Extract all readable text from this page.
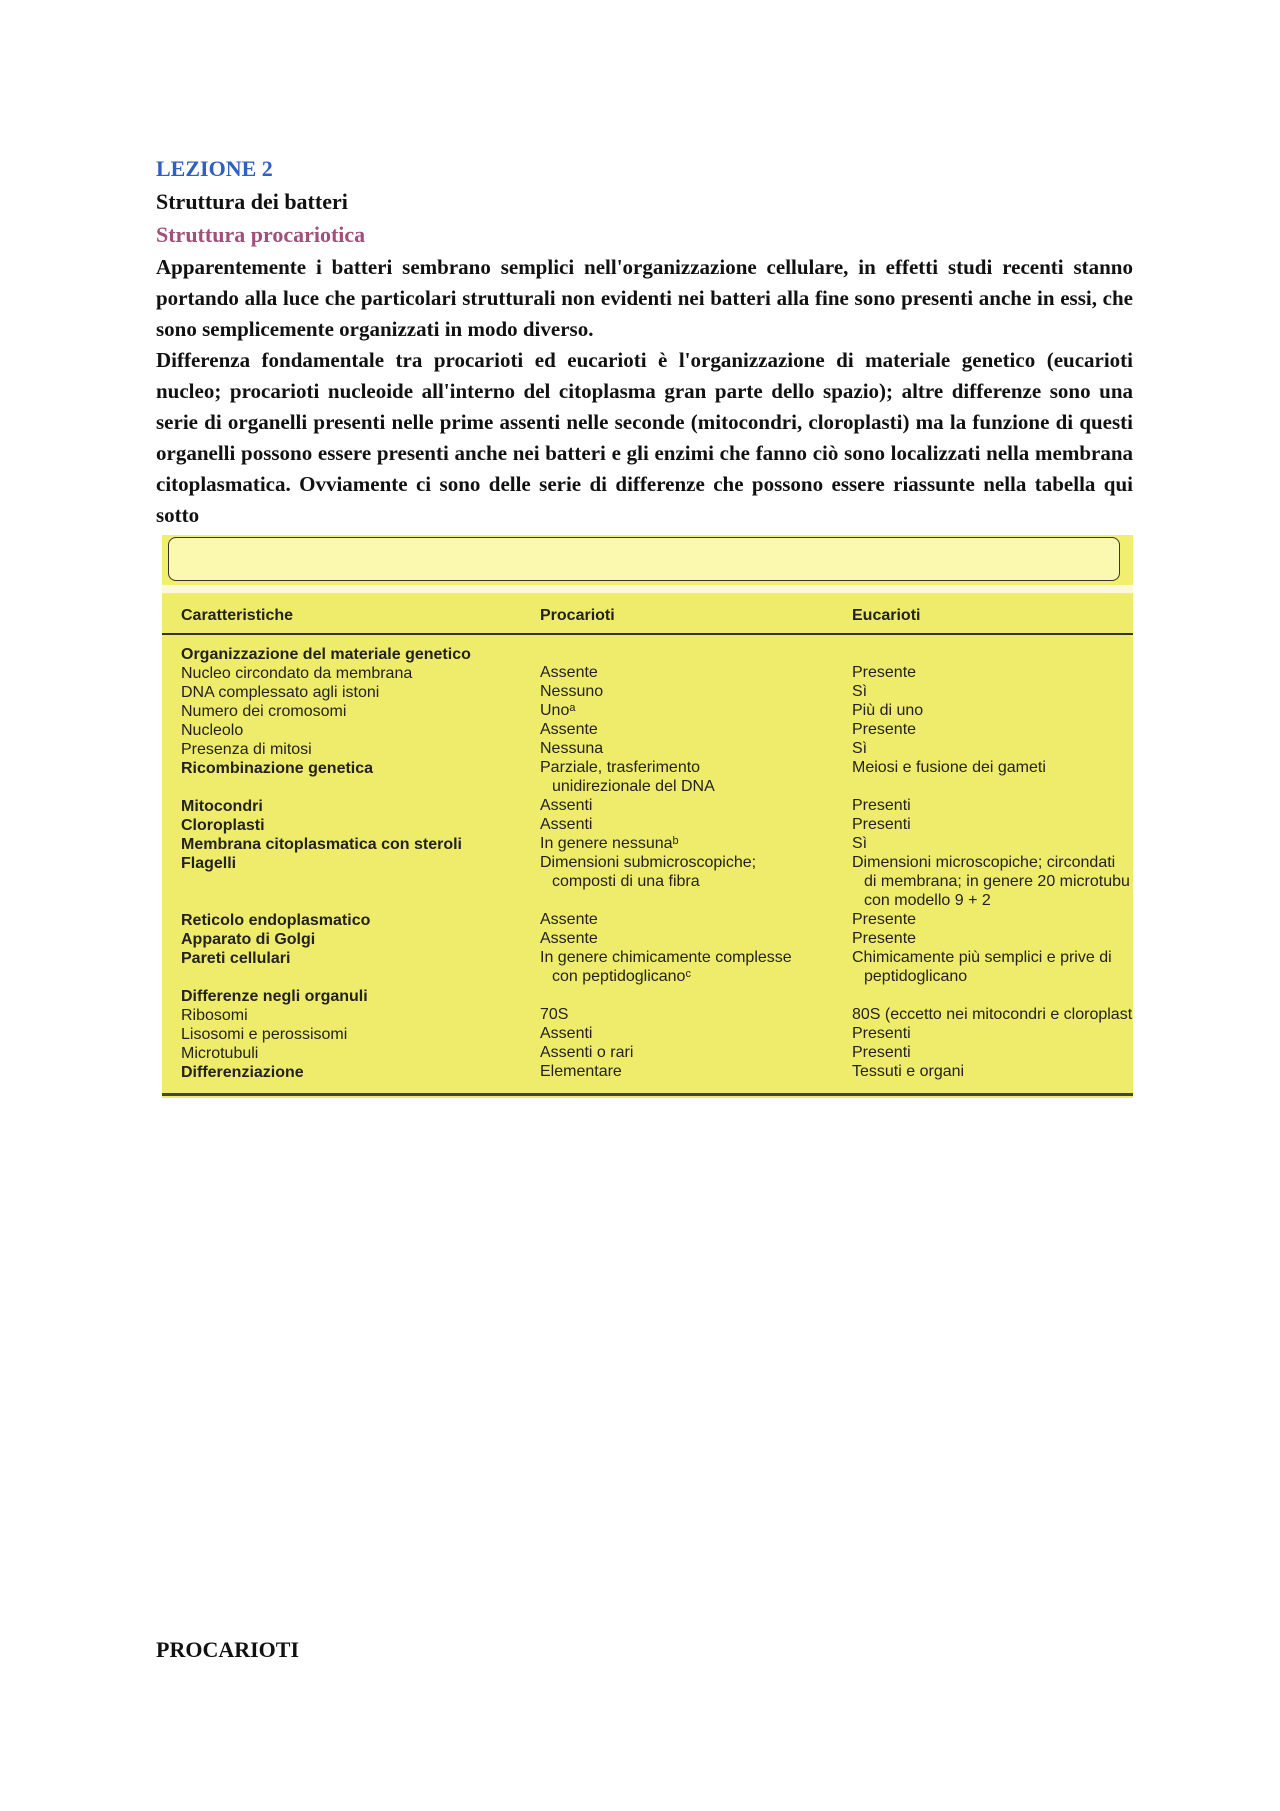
LEZIONE 2
Struttura dei batteri
Struttura procariotica

Apparentemente i batteri sembrano semplici nell'organizzazione cellulare, in effetti studi recenti stanno portando alla luce che particolari strutturali non evidenti nei batteri alla fine sono presenti anche in essi, che sono semplicemente organizzati in modo diverso.

Differenza fondamentale tra procarioti ed eucarioti è l'organizzazione di materiale genetico (eucarioti nucleo; procarioti nucleoide all'interno del citoplasma gran parte dello spazio); altre differenze sono una serie di organelli presenti nelle prime assenti nelle seconde (mitocondri, cloroplasti) ma la funzione di questi organelli possono essere presenti anche nei batteri e gli enzimi che fanno ciò sono localizzati nella membrana citoplasmatica. Ovviamente ci sono delle serie di differenze che possono essere riassunte nella tabella qui sotto

Caratteristiche	Procarioti	Eucarioti
Organizzazione del materiale genetico
Nucleo circondato da membrana
DNA complessato agli istoni
Numero dei cromosomi
Nucleolo
Presenza di mitosi
Ricombinazione genetica
Mitocondri
Cloroplasti
Membrana citoplasmatica con steroli
Flagelli
Reticolo endoplasmatico
Apparato di Golgi
Pareti cellulari
Differenze negli organuli
Ribosomi
Lisosomi e perossisomi
Microtubuli
Differenziazione
Assente
Nessuno
Unoᵃ
Assente
Nessuna
Parziale, trasferimento
unidirezionale del DNA
Assenti
Assenti
In genere nessunaᵇ
Dimensioni submicroscopiche;
composti di una fibra
Assente
Assente
In genere chimicamente complesse
con peptidoglicanoᶜ
70S
Assenti
Assenti o rari
Elementare
Presente
Sì
Più di uno
Presente
Sì
Meiosi e fusione dei gameti
Presenti
Presenti
Sì
Dimensioni microscopiche; circondati
di membrana; in genere 20 microtubu
con modello 9 + 2
Presente
Presente
Chimicamente più semplici e prive di
peptidoglicano
80S (eccetto nei mitocondri e cloroplast
Presenti
Presenti
Tessuti e organi
PROCARIOTI
